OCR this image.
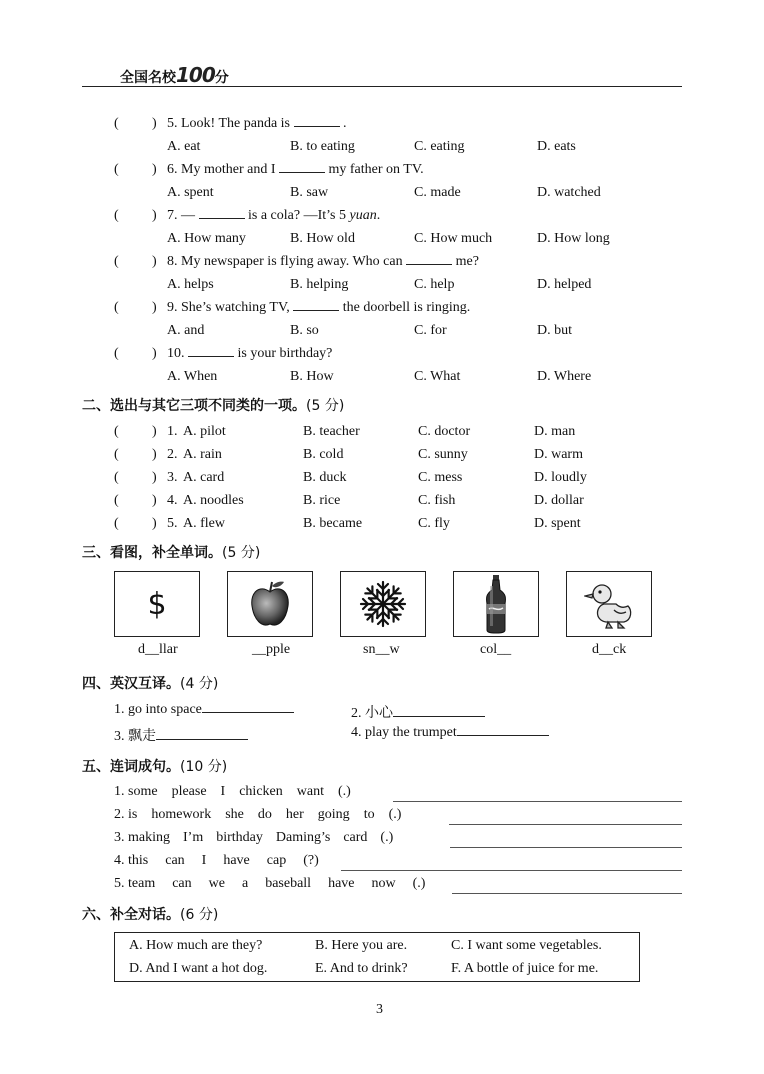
全国名校100分
( ) 5. Look! The panda is	.
A. eat	B. to eating	C. eating	D. eats
( ) 6. My mother and I	my father on TV.
A. spent	B. saw	C. made	D. watched
( ) 7. —	is a cola? —It’s 5 yuan.
A. How many	B. How old	C. How much	D. How long
( ) 8. My newspaper is flying away. Who can	me?
A. helps	B. helping	C. help	D. helped
( ) 9. She’s watching TV,	the doorbell is ringing.
A. and	B. so	C. for	D. but
( ) 10.	is your birthday?
A. When	B. How	C. What	D. Where
二、选出与其它三项不同类的一项。(5 分)
( ) 1. A. pilot	B. teacher	C. doctor	D. man
( ) 2. A. rain	B. cold	C. sunny	D. warm
( ) 3. A. card	B. duck	C. mess	D. loudly
( ) 4. A. noodles	B. rice	C. fish	D. dollar
( ) 5. A. flew	B. became	C. fly	D. spent
三、看图，补全单词。(5 分)
$
d__llar	__pple	sn__w	col__	d__ck
四、英汉互译。(4 分)
1. go into space	2. 小心
3. 飘走	4. play the trumpet
五、连词成句。(10 分)
1. some please I chicken want (.)
2. is homework she do her going to (.)
3. making I’m birthday Daming’s card (.)
4. this can I have cap (?)
5. team can we a baseball have now (.)
六、补全对话。(6 分)
A. How much are they?	B. Here you are.	C. I want some vegetables.
D. And I want a hot dog.	E. And to drink?	F. A bottle of juice for me.
3
